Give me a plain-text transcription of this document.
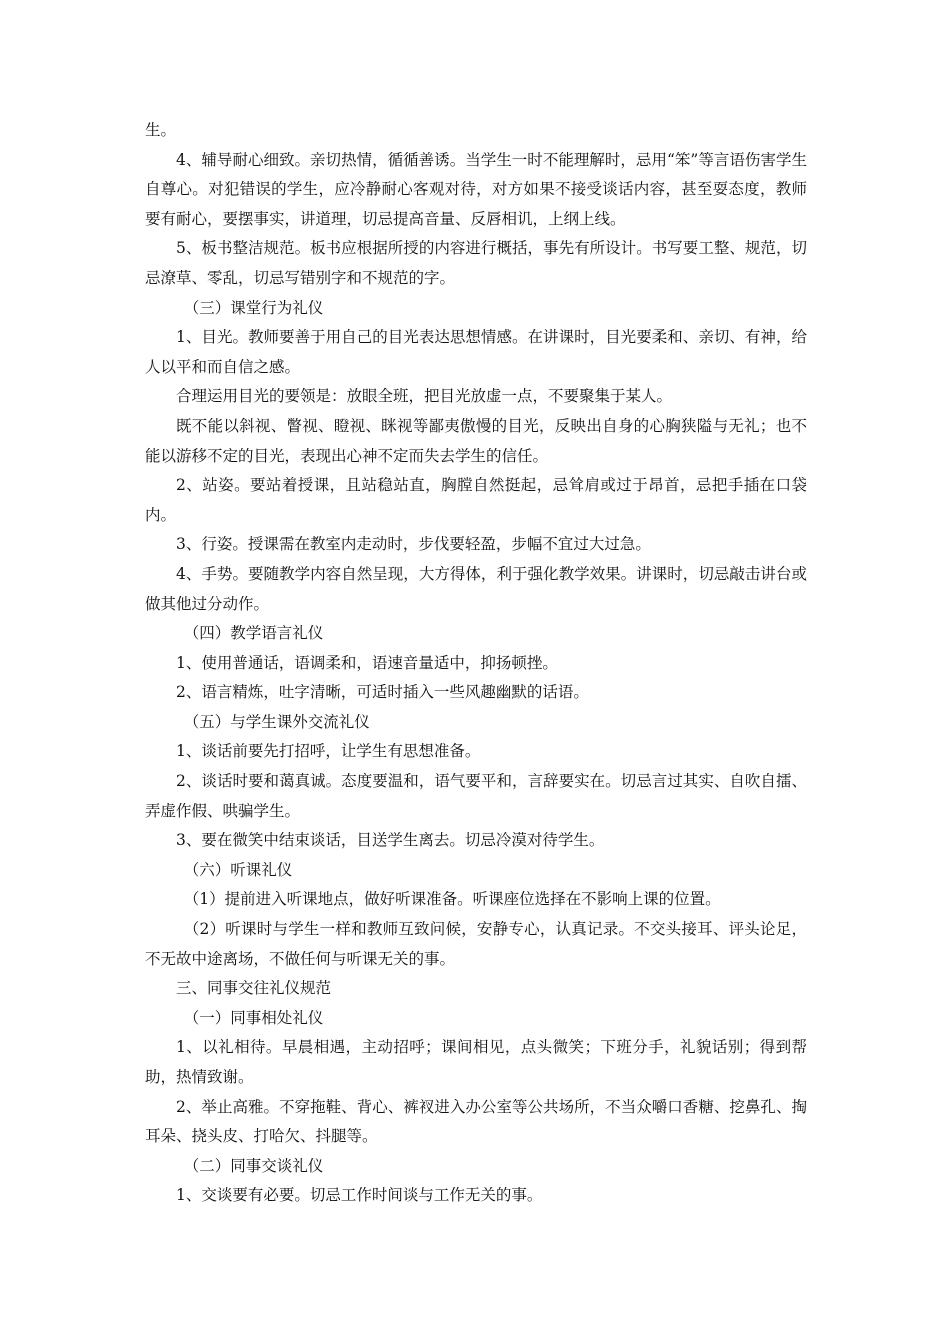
生。

4、辅导耐心细致。亲切热情，循循善诱。当学生一时不能理解时，忌用“笨”等言语伤害学生自尊心。对犯错误的学生，应冷静耐心客观对待，对方如果不接受谈话内容，甚至耍态度，教师要有耐心，要摆事实，讲道理，切忌提高音量、反唇相讥，上纲上线。

5、板书整洁规范。板书应根据所授的内容进行概括，事先有所设计。书写要工整、规范，切忌潦草、零乱，切忌写错别字和不规范的字。

（三）课堂行为礼仪

1、目光。教师要善于用自己的目光表达思想情感。在讲课时，目光要柔和、亲切、有神，给人以平和而自信之感。

合理运用目光的要领是：放眼全班，把目光放虚一点，不要聚集于某人。

既不能以斜视、瞥视、瞪视、眯视等鄙夷傲慢的目光，反映出自身的心胸狭隘与无礼；也不能以游移不定的目光，表现出心神不定而失去学生的信任。

2、站姿。要站着授课，且站稳站直，胸膛自然挺起，忌耸肩或过于昂首，忌把手插在口袋内。

3、行姿。授课需在教室内走动时，步伐要轻盈，步幅不宜过大过急。

4、手势。要随教学内容自然呈现，大方得体，利于强化教学效果。讲课时，切忌敲击讲台或做其他过分动作。

（四）教学语言礼仪

1、使用普通话，语调柔和，语速音量适中，抑扬顿挫。

2、语言精炼，吐字清晰，可适时插入一些风趣幽默的话语。

（五）与学生课外交流礼仪

1、谈话前要先打招呼，让学生有思想准备。

2、谈话时要和蔼真诚。态度要温和，语气要平和，言辞要实在。切忌言过其实、自吹自擂、弄虚作假、哄骗学生。

3、要在微笑中结束谈话，目送学生离去。切忌冷漠对待学生。

（六）听课礼仪

（1）提前进入听课地点，做好听课准备。听课座位选择在不影响上课的位置。

（2）听课时与学生一样和教师互致问候，安静专心，认真记录。不交头接耳、评头论足，不无故中途离场，不做任何与听课无关的事。

三、同事交往礼仪规范

（一）同事相处礼仪

1、以礼相待。早晨相遇，主动招呼；课间相见，点头微笑；下班分手，礼貌话别；得到帮助，热情致谢。

2、举止高雅。不穿拖鞋、背心、裤衩进入办公室等公共场所，不当众嚼口香糖、挖鼻孔、掏耳朵、挠头皮、打哈欠、抖腿等。

（二）同事交谈礼仪

1、交谈要有必要。切忌工作时间谈与工作无关的事。
